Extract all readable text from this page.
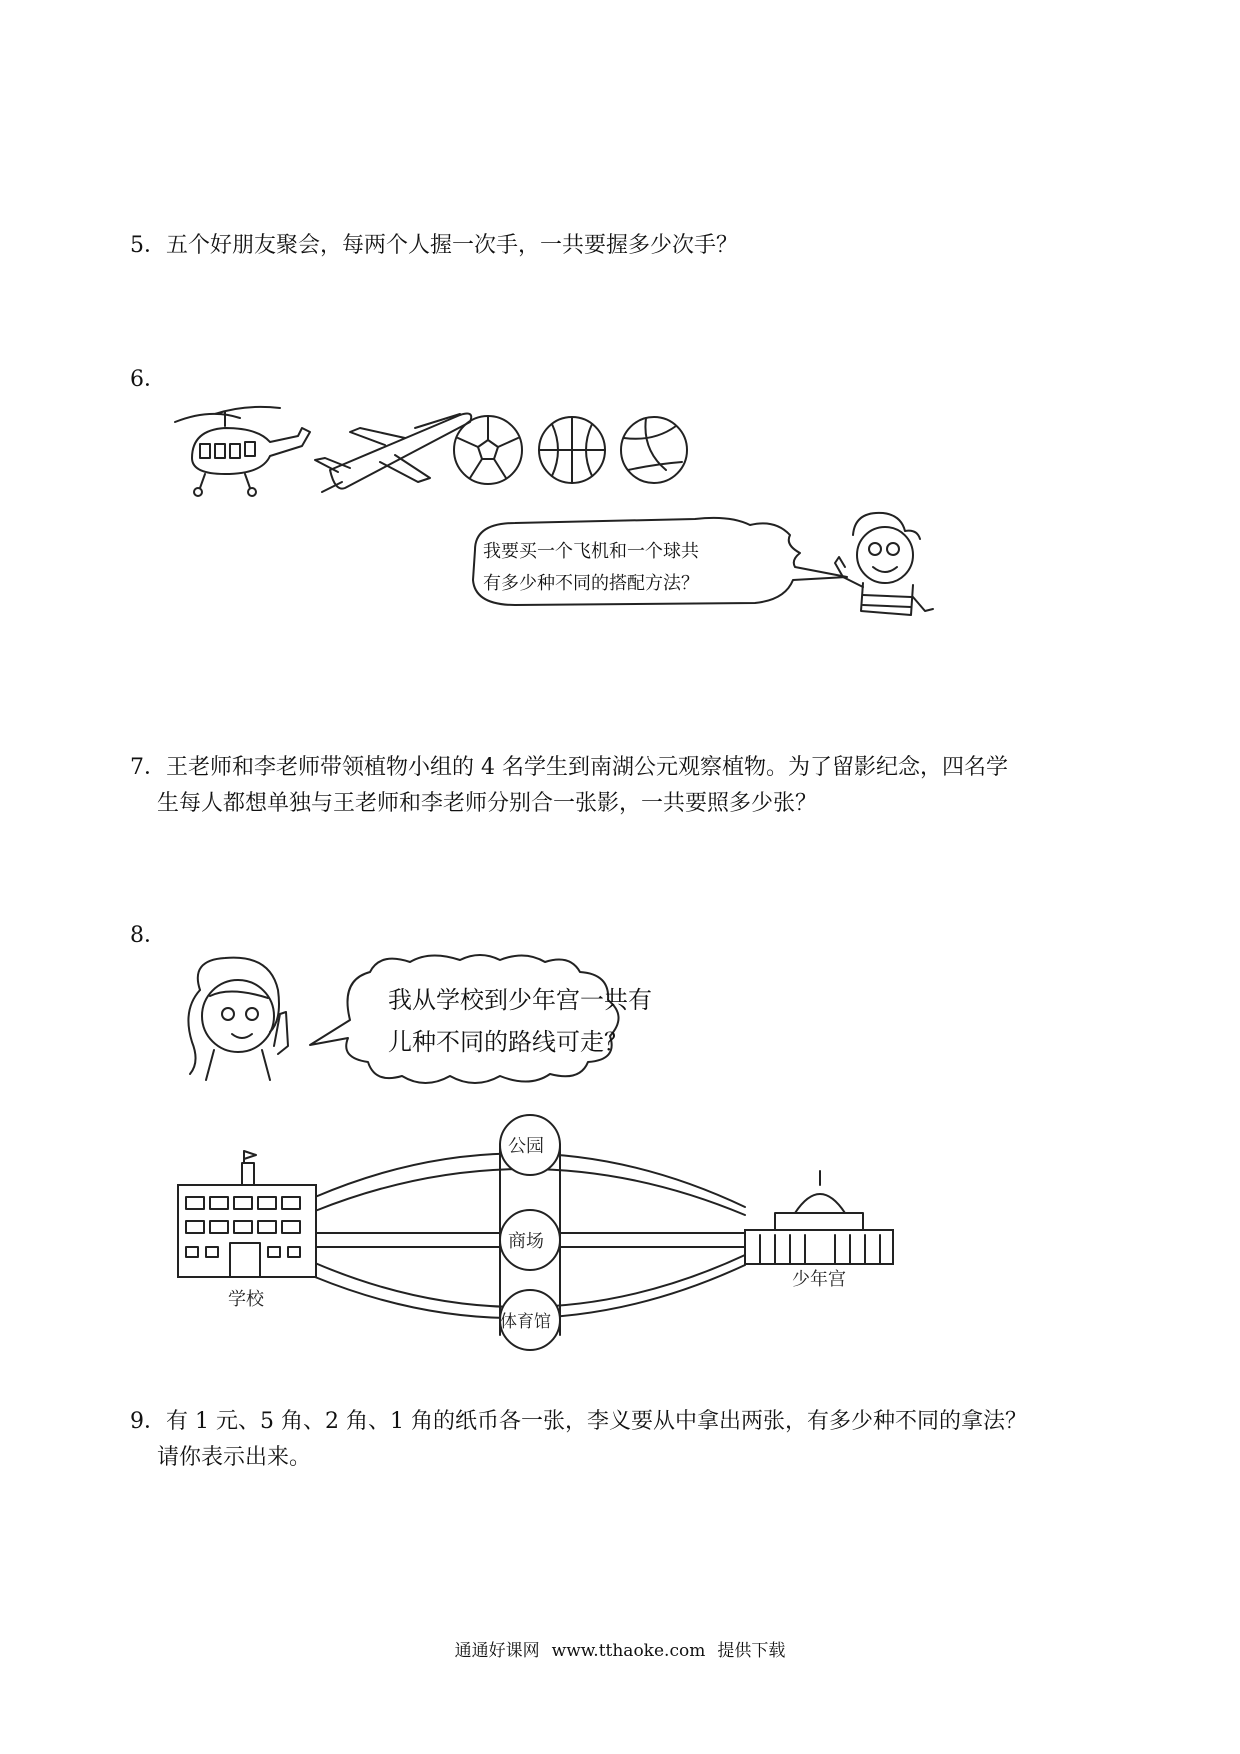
5．五个好朋友聚会，每两个人握一次手，一共要握多少次手？
6．
我要买一个飞机和一个球共
有多少种不同的搭配方法？
7．王老师和李老师带领植物小组的 4 名学生到南湖公元观察植物。为了留影纪念，四名学
生每人都想单独与王老师和李老师分别合一张影，一共要照多少张？
8．
我从学校到少年宫一共有
儿种不同的路线可走？
学校
公园
商场
体育馆
少年宫
9．有 1 元、5 角、2 角、1 角的纸币各一张，李义要从中拿出两张，有多少种不同的拿法？
请你表示出来。
通通好课网 www.tthaoke.com 提供下载
